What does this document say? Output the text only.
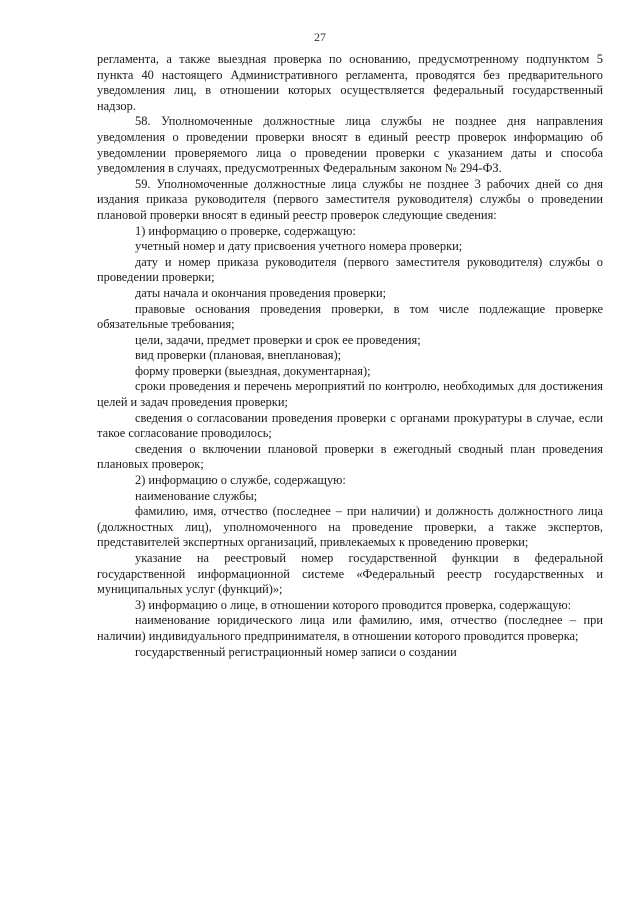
27

регламента, а также выездная проверка по основанию, предусмотренному подпунктом 5 пункта 40 настоящего Административного регламента, проводятся без предварительного уведомления лиц, в отношении которых осуществляется федеральный государственный надзор.

58. Уполномоченные должностные лица службы не позднее дня направления уведомления о проведении проверки вносят в единый реестр проверок информацию об уведомлении проверяемого лица о проведении проверки с указанием даты и способа уведомления в случаях, предусмотренных Федеральным законом № 294-ФЗ.

59. Уполномоченные должностные лица службы не позднее 3 рабочих дней со дня издания приказа руководителя (первого заместителя руководителя) службы о проведении плановой проверки вносят в единый реестр проверок следующие сведения:

1) информацию о проверке, содержащую:

учетный номер и дату присвоения учетного номера проверки;

дату и номер приказа руководителя (первого заместителя руководителя) службы о проведении проверки;

даты начала и окончания проведения проверки;

правовые основания проведения проверки, в том числе подлежащие проверке обязательные требования;

цели, задачи, предмет проверки и срок ее проведения;

вид проверки (плановая, внеплановая);

форму проверки (выездная, документарная);

сроки проведения и перечень мероприятий по контролю, необходимых для достижения целей и задач проведения проверки;

сведения о согласовании проведения проверки с органами прокуратуры в случае, если такое согласование проводилось;

сведения о включении плановой проверки в ежегодный сводный план проведения плановых проверок;

2) информацию о службе, содержащую:

наименование службы;

фамилию, имя, отчество (последнее – при наличии) и должность должностного лица (должностных лиц), уполномоченного на проведение проверки, а также экспертов, представителей экспертных организаций, привлекаемых к проведению проверки;

указание на реестровый номер государственной функции в федеральной государственной информационной системе «Федеральный реестр государственных и муниципальных услуг (функций)»;

3) информацию о лице, в отношении которого проводится проверка, содержащую:

наименование юридического лица или фамилию, имя, отчество (последнее – при наличии) индивидуального предпринимателя, в отношении которого проводится проверка;

государственный регистрационный номер записи о создании
